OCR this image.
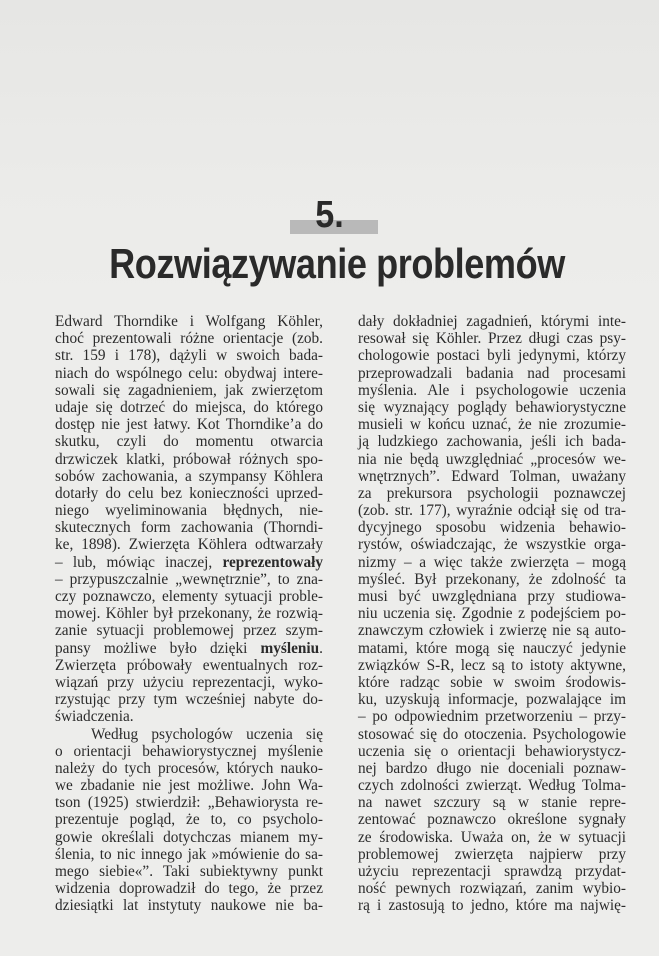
5.
Rozwiązywanie problemów
Edward Thorndike i Wolfgang Köhler,
choć prezentowali różne orientacje (zob.
str. 159 i 178), dążyli w swoich bada-
niach do wspólnego celu: obydwaj intere-
sowali się zagadnieniem, jak zwierzętom
udaje się dotrzeć do miejsca, do którego
dostęp nie jest łatwy. Kot Thorndike’a do
skutku, czyli do momentu otwarcia
drzwiczek klatki, próbował różnych spo-
sobów zachowania, a szympansy Köhlera
dotarły do celu bez konieczności uprzed-
niego wyeliminowania błędnych, nie-
skutecznych form zachowania (Thorndi-
ke, 1898). Zwierzęta Köhlera odtwarzały
– lub, mówiąc inaczej, reprezentowały
– przypuszczalnie „wewnętrznie”, to zna-
czy poznawczo, elementy sytuacji proble-
mowej. Köhler był przekonany, że rozwią-
zanie sytuacji problemowej przez szym-
pansy możliwe było dzięki myśleniu.
Zwierzęta próbowały ewentualnych roz-
wiązań przy użyciu reprezentacji, wyko-
rzystując przy tym wcześniej nabyte do-
świadczenia.
Według psychologów uczenia się
o orientacji behawiorystycznej myślenie
należy do tych procesów, których nauko-
we zbadanie nie jest możliwe. John Wa-
tson (1925) stwierdził: „Behawiorysta re-
prezentuje pogląd, że to, co psycholo-
gowie określali dotychczas mianem my-
ślenia, to nic innego jak »mówienie do sa-
mego siebie«”. Taki subiektywny punkt
widzenia doprowadził do tego, że przez
dziesiątki lat instytuty naukowe nie ba-
dały dokładniej zagadnień, którymi inte-
resował się Köhler. Przez długi czas psy-
chologowie postaci byli jedynymi, którzy
przeprowadzali badania nad procesami
myślenia. Ale i psychologowie uczenia
się wyznający poglądy behawiorystyczne
musieli w końcu uznać, że nie zrozumie-
ją ludzkiego zachowania, jeśli ich bada-
nia nie będą uwzględniać „procesów we-
wnętrznych”. Edward Tolman, uważany
za prekursora psychologii poznawczej
(zob. str. 177), wyraźnie odciął się od tra-
dycyjnego sposobu widzenia behawio-
rystów, oświadczając, że wszystkie orga-
nizmy – a więc także zwierzęta – mogą
myśleć. Był przekonany, że zdolność ta
musi być uwzględniana przy studiowa-
niu uczenia się. Zgodnie z podejściem po-
znawczym człowiek i zwierzę nie są auto-
matami, które mogą się nauczyć jedynie
związków S-R, lecz są to istoty aktywne,
które radząc sobie w swoim środowis-
ku, uzyskują informacje, pozwalające im
– po odpowiednim przetworzeniu – przy-
stosować się do otoczenia. Psychologowie
uczenia się o orientacji behawiorystycz-
nej bardzo długo nie doceniali poznaw-
czych zdolności zwierząt. Według Tolma-
na nawet szczury są w stanie repre-
zentować poznawczo określone sygnały
ze środowiska. Uważa on, że w sytuacji
problemowej zwierzęta najpierw przy
użyciu reprezentacji sprawdzą przydat-
ność pewnych rozwiązań, zanim wybio-
rą i zastosują to jedno, które ma najwię-
